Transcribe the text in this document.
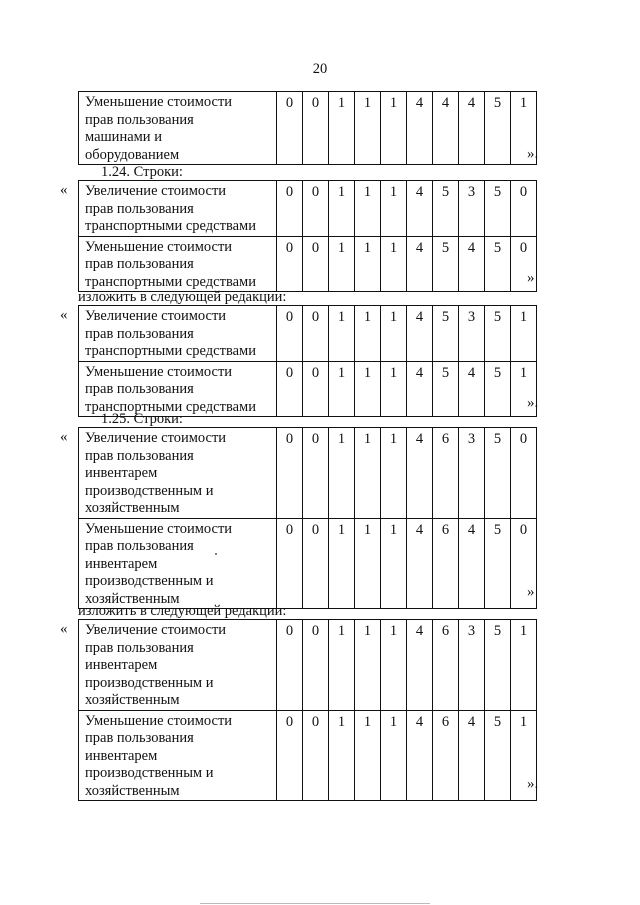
20
».
Уменьшение стоимости
прав пользования
машинами и
оборудованием
	0	0	1	1	1	4	4	4	5	1
1.24. Строки:
«
»
Увеличение стоимости
прав пользования
транспортными средствами	0	0	1	1	1	4	5	3	5	0

Уменьшение стоимости
прав пользования
транспортными средствами	0	0	1	1	1	4	5	4	5	0
изложить в следующей редакции:
«
».
Увеличение стоимости
прав пользования
транспортными средствами	0	0	1	1	1	4	5	3	5	1

Уменьшение стоимости
прав пользования
транспортными средствами	0	0	1	1	1	4	5	4	5	1
1.25. Строки:
«
»
Увеличение стоимости
прав пользования
инвентарем
производственным и
хозяйственным	0	0	1	1	1	4	6	3	5	0

Уменьшение стоимости
прав пользования
инвентарем
производственным и
хозяйственным	0	0	1	1	1	4	6	4	5	0
изложить в следующей редакции:
«
».
Увеличение стоимости
прав пользования
инвентарем
производственным и
хозяйственным	0	0	1	1	1	4	6	3	5	1

Уменьшение стоимости
прав пользования
инвентарем
производственным и
хозяйственным	0	0	1	1	1	4	6	4	5	1
